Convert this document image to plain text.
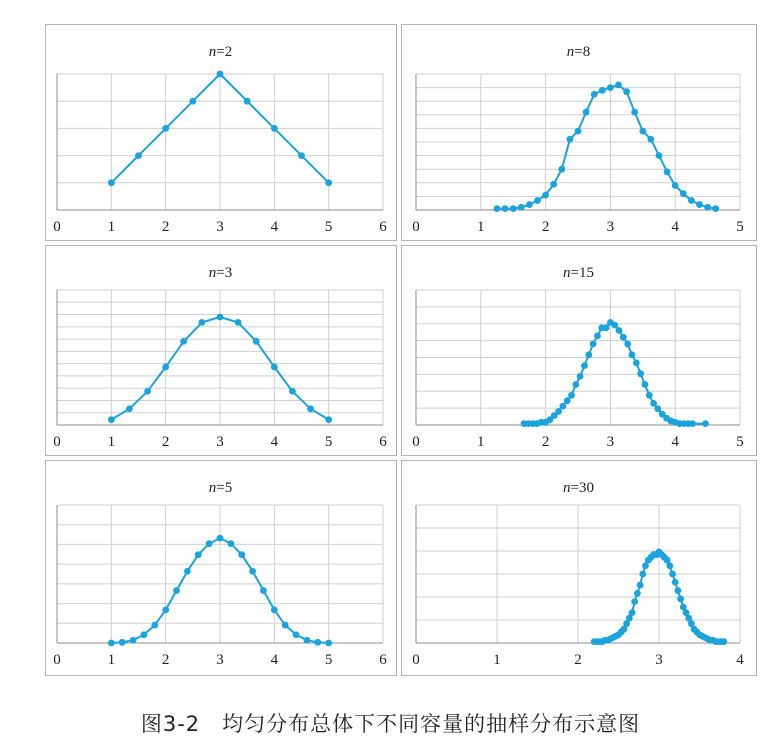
0	1	2	3	4	5	6
n=2
0	1	2	3	4	5
n=8
0	1	2	3	4	5	6
n=3
0	1	2	3	4	5
n=15
0	1	2	3	4	5	6
n=5
0	1	2	3	4
n=30
图3-2　均匀分布总体下不同容量的抽样分布示意图
